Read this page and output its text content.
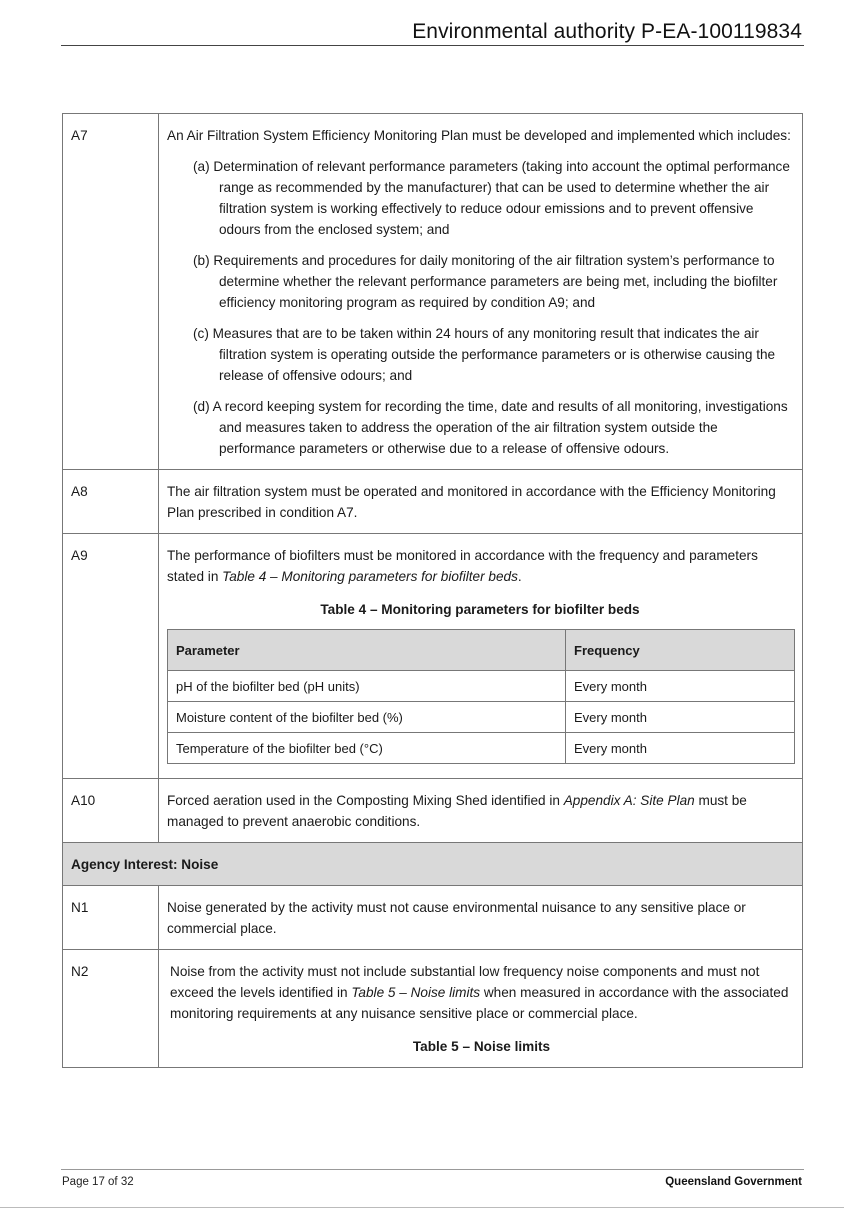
Environmental authority P-EA-100119834
A7	An Air Filtration System Efficiency Monitoring Plan must be developed and implemented which includes:

(a) Determination of relevant performance parameters (taking into account the optimal performance range as recommended by the manufacturer) that can be used to determine whether the air filtration system is working effectively to reduce odour emissions and to prevent offensive odours from the enclosed system; and

(b) Requirements and procedures for daily monitoring of the air filtration system’s performance to determine whether the relevant performance parameters are being met, including the biofilter efficiency monitoring program as required by condition A9; and

(c) Measures that are to be taken within 24 hours of any monitoring result that indicates the air filtration system is operating outside the performance parameters or is otherwise causing the release of offensive odours; and

(d) A record keeping system for recording the time, date and results of all monitoring, investigations and measures taken to address the operation of the air filtration system outside the performance parameters or otherwise due to a release of offensive odours.

A8	The air filtration system must be operated and monitored in accordance with the Efficiency Monitoring Plan prescribed in condition A7.

A9	The performance of biofilters must be monitored in accordance with the frequency and parameters stated in Table 4 – Monitoring parameters for biofilter beds.

Table 4 – Monitoring parameters for biofilter beds

Parameter	Frequency
pH of the biofilter bed (pH units)	Every month
Moisture content of the biofilter bed (%)	Every month
Temperature of the biofilter bed (°C)	Every month

A10	Forced aeration used in the Composting Mixing Shed identified in Appendix A: Site Plan must be managed to prevent anaerobic conditions.

Agency Interest: Noise
N1	Noise generated by the activity must not cause environmental nuisance to any sensitive place or commercial place.

N2	Noise from the activity must not include substantial low frequency noise components and must not exceed the levels identified in Table 5 – Noise limits when measured in accordance with the associated monitoring requirements at any nuisance sensitive place or commercial place.

Table 5 – Noise limits

Page 17 of 32	Queensland Government
